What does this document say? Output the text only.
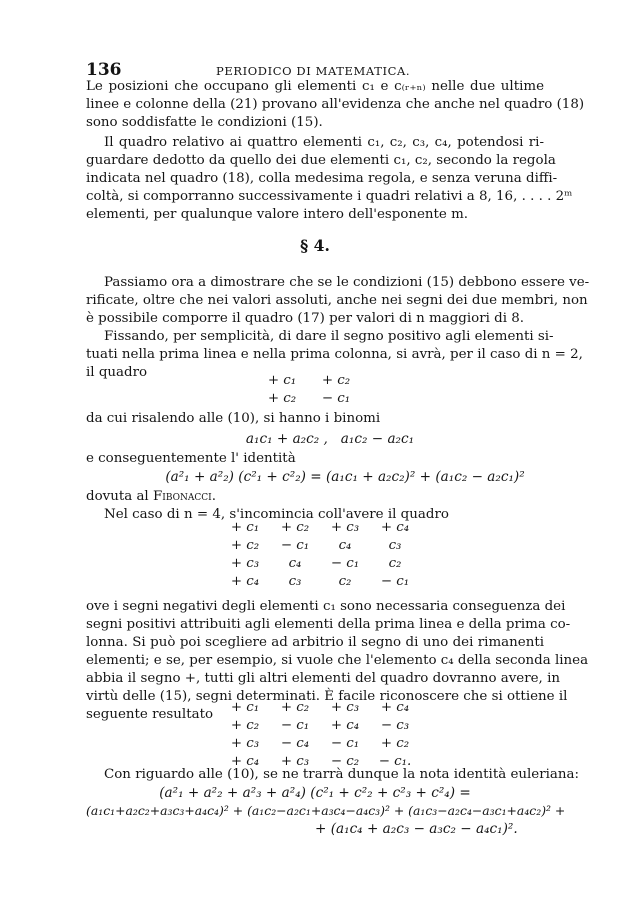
136	PERIODICO DI MATEMATICA.
Le posizioni che occupano gli elementi c₁ e c₍ᵣ₊ₙ₎ nelle due ultime
linee e colonne della (21) provano all'evidenza che anche nel quadro (18)
sono soddisfatte le condizioni (15).
Il quadro relativo ai quattro elementi c₁, c₂, c₃, c₄, potendosi ri-
guardare dedotto da quello dei due elementi c₁, c₂, secondo la regola
indicata nel quadro (18), colla medesima regola, e senza veruna diffi-
coltà, si comporranno successivamente i quadri relativi a 8, 16, . . . . 2ᵐ
elementi, per qualunque valore intero dell'esponente m.
§ 4.
Passiamo ora a dimostrare che se le condizioni (15) debbono essere ve-
rificate, oltre che nei valori assoluti, anche nei segni dei due membri, non
è possibile comporre il quadro (17) per valori di n maggiori di 8.
Fissando, per semplicità, di dare il segno positivo agli elementi si-
tuati nella prima linea e nella prima colonna, si avrà, per il caso di n = 2,
il quadro
+ c₁	+ c₂
+ c₂	− c₁
da cui risalendo alle (10), si hanno i binomi
a₁c₁ + a₂c₂ ,   a₁c₂ − a₂c₁
e conseguentemente l' identità
(a²₁ + a²₂) (c²₁ + c²₂) = (a₁c₁ + a₂c₂)² + (a₁c₂ − a₂c₁)²
dovuta al Fibonacci.
Nel caso di n = 4, s'incomincia coll'avere il quadro
+ c₁	+ c₂	+ c₃	+ c₄
+ c₂	− c₁	c₄	c₃
+ c₃	c₄	− c₁	c₂
+ c₄	c₃	c₂	− c₁
ove i segni negativi degli elementi c₁ sono necessaria conseguenza dei
segni positivi attribuiti agli elementi della prima linea e della prima co-
lonna. Si può poi scegliere ad arbitrio il segno di uno dei rimanenti
elementi; e se, per esempio, si vuole che l'elemento c₄ della seconda linea
abbia il segno +, tutti gli altri elementi del quadro dovranno avere, in
virtù delle (15), segni determinati. È facile riconoscere che si ottiene il
seguente resultato	+ c₁	+ c₂	+ c₃	+ c₄
+ c₂	− c₁	+ c₄	− c₃
+ c₃	− c₄	− c₁	+ c₂
+ c₄	+ c₃	− c₂	− c₁.
Con riguardo alle (10), se ne trarrà dunque la nota identità euleriana:
(a²₁ + a²₂ + a²₃ + a²₄) (c²₁ + c²₂ + c²₃ + c²₄) =
(a₁c₁+a₂c₂+a₃c₃+a₄c₄)² + (a₁c₂−a₂c₁+a₃c₄−a₄c₃)² + (a₁c₃−a₂c₄−a₃c₁+a₄c₂)² +
+ (a₁c₄ + a₂c₃ − a₃c₂ − a₄c₁)².
